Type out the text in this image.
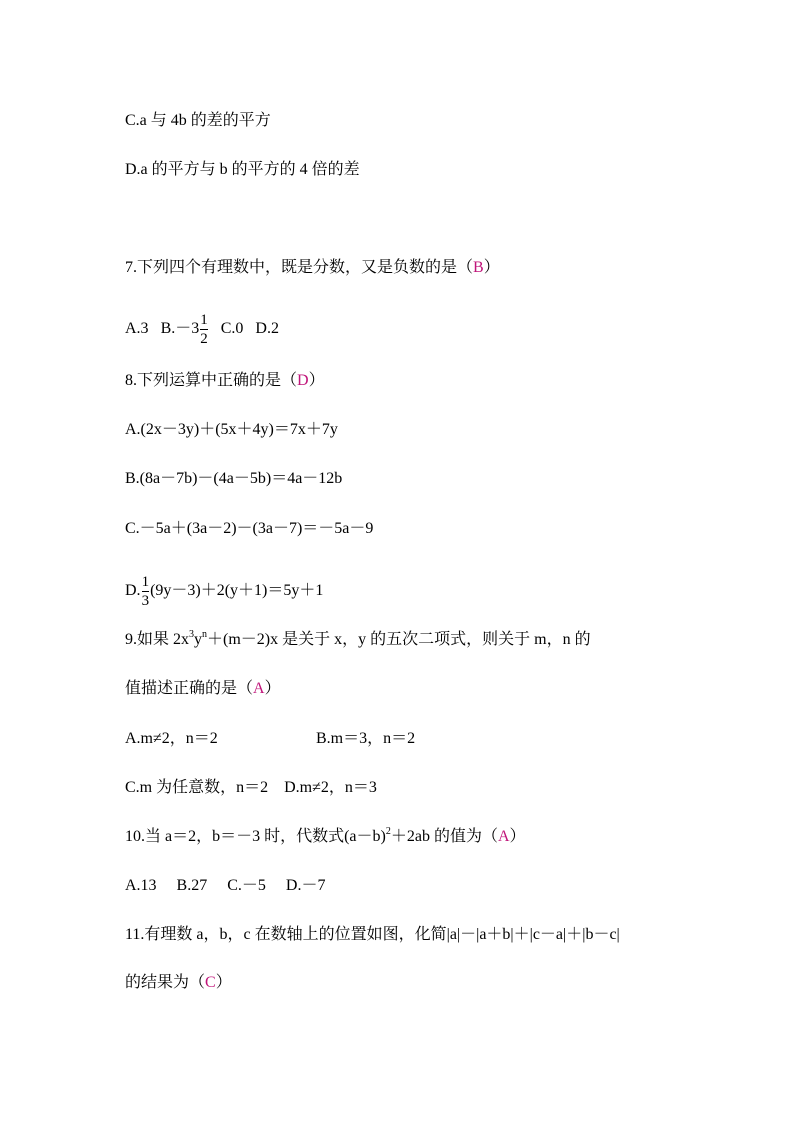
C.a 与 4b 的差的平方
D.a 的平方与 b 的平方的 4 倍的差
7.下列四个有理数中，既是分数，又是负数的是（B）
A.3 $B.-3 \frac{1}{2} C.0$ D.2
8.下列运算中正确的是（D）
A.(2x－3y)＋(5x＋4y)＝7x＋7y
B.(8a－7b)－(4a－5b)＝4a－12b
C.－5a＋(3a－2)－(3a－7)＝－5a－9
D. $\frac{1}{3} (9y-3)+2(y+1)=5y+1$
9.如果 $2x^3y^n+(m-2)x$ 是关于 x，y 的五次二项式，则关于 m，n 的
值描述正确的是（A）
A.m≠2，n＝2	B.m＝3，n＝2
C.m 为任意数，n＝2 D.m≠2，n＝3
10.当 a＝2，b＝－3 时，代数式$(a-b)^2+2ab$ 的值为（A）
A.13　 B.27　 C.－5　 D.－7
11.有理数 a，b，c 在数轴上的位置如图，化简|a|－|a＋b|＋|c－a|＋|b－c|
的结果为（C）
